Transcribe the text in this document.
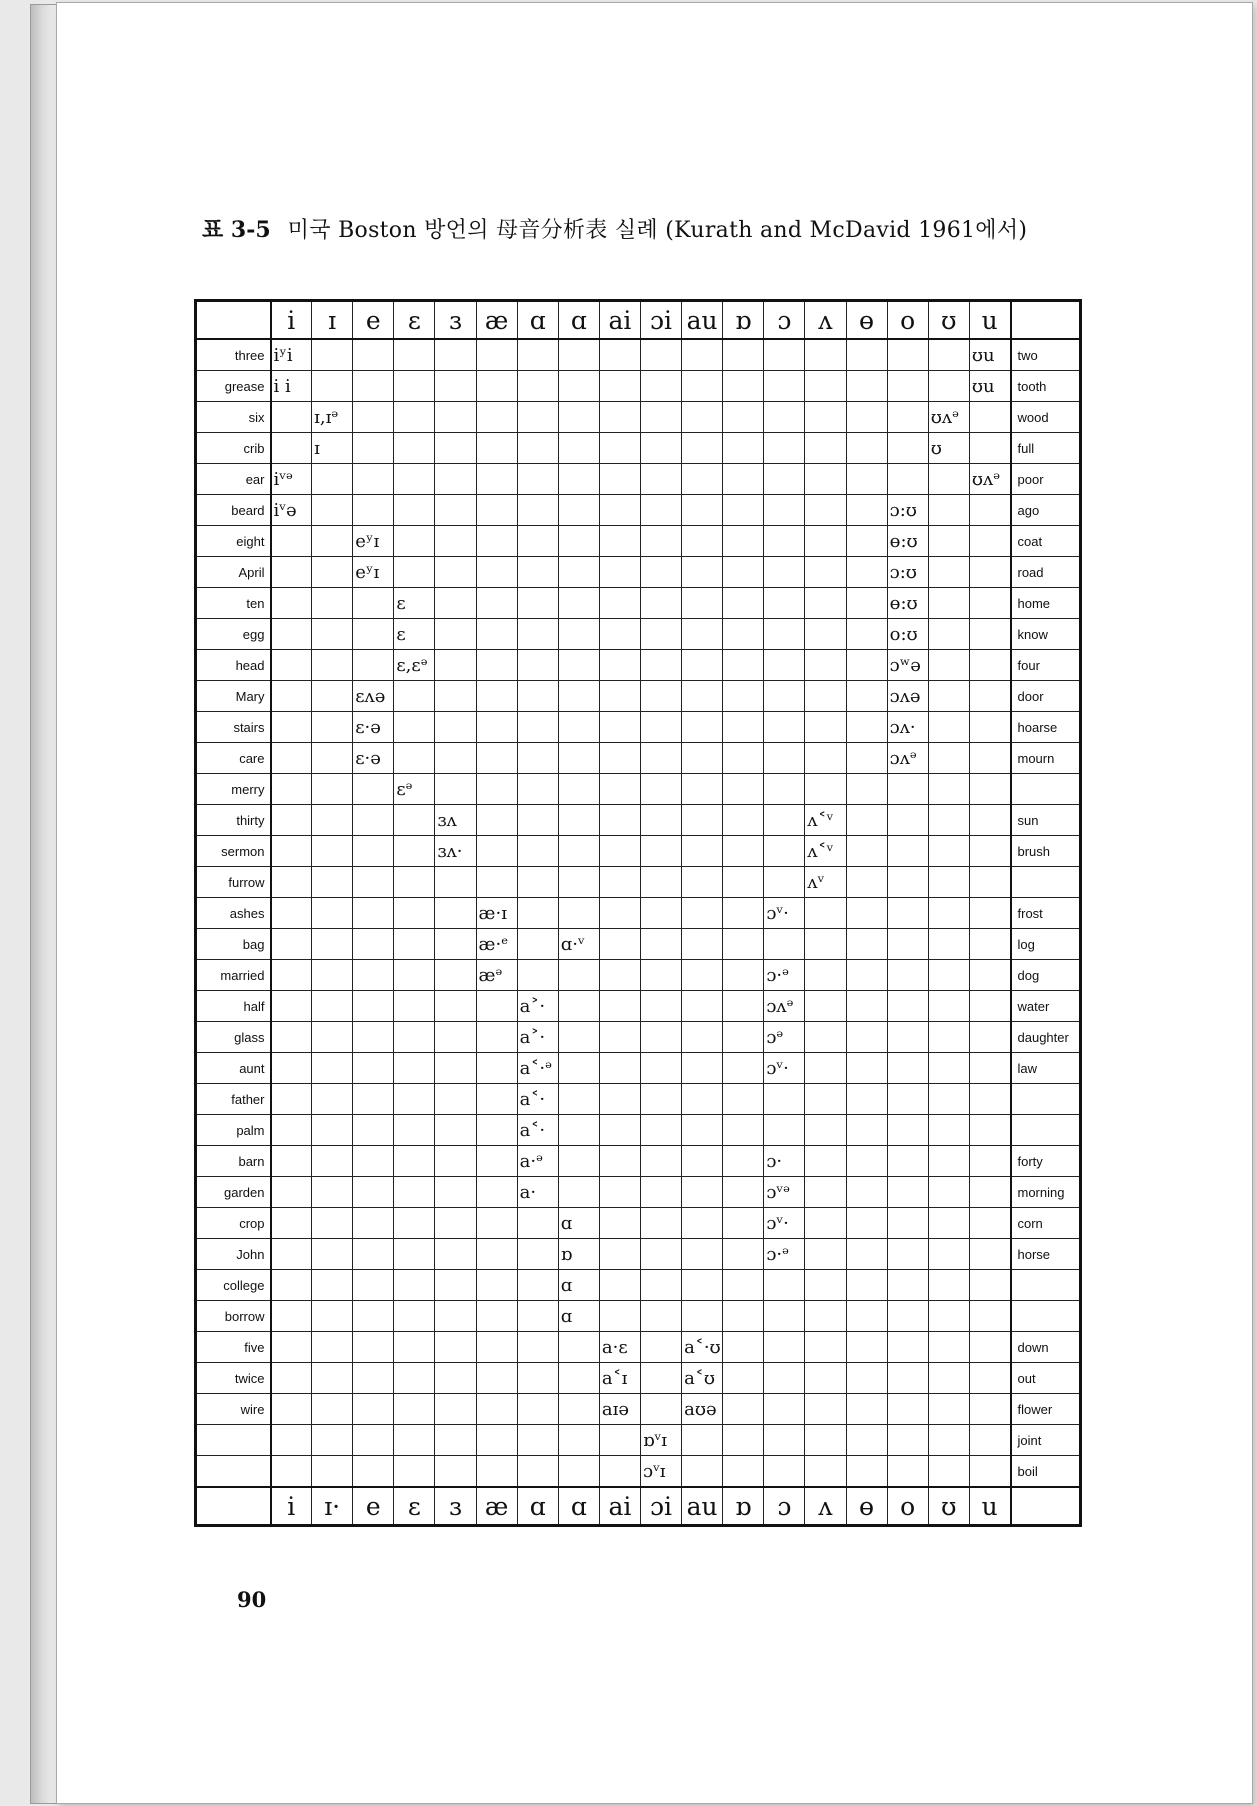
표 3-5 미국 Boston 방언의 母音分析表 실례 (Kurath and McDavid 1961에서)
	i	ɪ	e	ɛ	ɜ	æ	ɑ	ɑ	ai	ɔi	au	ɒ	ɔ	ʌ	ɵ	o	ʊ	u	
three	iʸi																	ʊu	two
grease	i i																	ʊu	tooth
six		ɪ,ɪᵊ															ʊᴧᵊ		wood
crib		ɪ															ʊ		full
ear	iᵛᵊ																	ʊᴧᵊ	poor
beard	iᵛə															ɔ:ʊ			ago
eight			eʸɪ													ɵ:ʊ			coat
April			eʸɪ													ɔ:ʊ			road
ten				ɛ												ɵ:ʊ			home
egg				ɛ												o:ʊ			know
head				ɛ,ɛᵊ												ɔʷə			four
Mary			ɛᴧə													ɔᴧə			door
stairs			ɛ·ə													ɔᴧ·			hoarse
care			ɛ·ə													ɔᴧᵊ			mourn
merry				ɛᵊ															
thirty					ɜᴧ									ʌ˂ᵛ					sun
sermon					ɜᴧ·									ʌ˂ᵛ					brush
furrow														ʌᵛ					
ashes						æ·ɪ							ɔᵛ·						frost
bag						æ·ᵉ		ɑ·ᵛ											log
married						æᵊ							ɔ·ᵊ						dog
half							a˃·						ɔᴧᵊ						water
glass							a˃·						ɔᵊ						daughter
aunt							a˂·ᵊ						ɔᵛ·						law
father							a˂·												
palm							a˂·												
barn							a·ᵊ						ɔ·						forty
garden							a·						ɔᵛᵊ						morning
crop								ɑ					ɔᵛ·						corn
John								ɒ					ɔ·ᵊ						horse
college								ɑ											
borrow								ɑ											
five									a·ɛ		a˂·ʊ								down
twice									a˂ɪ		a˂ʊ								out
wire									aɪə		aʊə								flower
										ɒᵛɪ									joint
										ɔᵛɪ									boil
	i	ɪ·	e	ɛ	ɜ	æ	ɑ	ɑ	ai	ɔi	au	ɒ	ɔ	ʌ	ɵ	o	ʊ	u	
90
